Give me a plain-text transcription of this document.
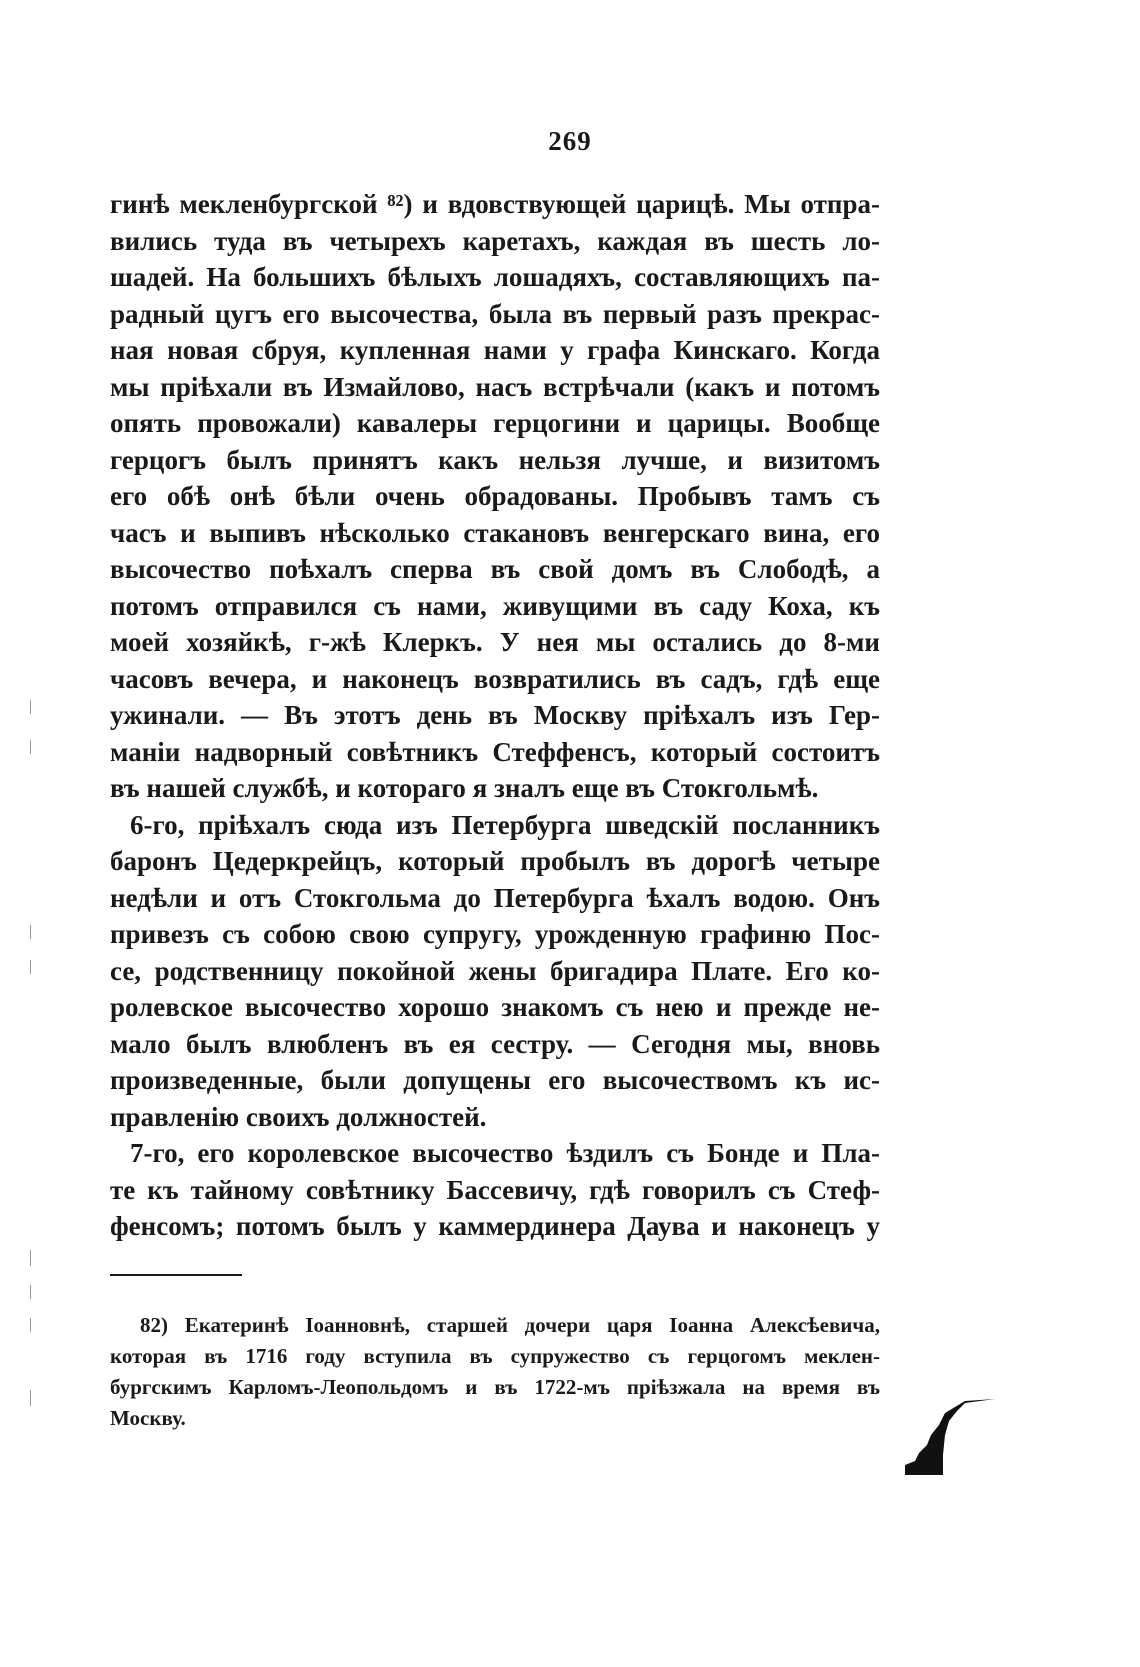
269
гинѣ мекленбургской ⁸²) и вдовствующей царицѣ. Мы отпра-
вились туда въ четырехъ каретахъ, каждая въ шесть ло-
шадей. На большихъ бѣлыхъ лошадяхъ, составляющихъ па-
радный цугъ его высочества, была въ первый разъ прекрас-
ная новая сбруя, купленная нами у графа Кинскаго. Когда
мы пріѣхали въ Измайлово, насъ встрѣчали (какъ и потомъ
опять провожали) кавалеры герцогини и царицы. Вообще
герцогъ былъ принятъ какъ нельзя лучше, и визитомъ
его обѣ онѣ бѣли очень обрадованы. Пробывъ тамъ съ
часъ и выпивъ нѣсколько стакановъ венгерскаго вина, его
высочество поѣхалъ сперва въ свой домъ въ Слободѣ, а
потомъ отправился съ нами, живущими въ саду Коха, къ
моей хозяйкѣ, г-жѣ Клеркъ. У нея мы остались до 8-ми
часовъ вечера, и наконецъ возвратились въ садъ, гдѣ еще
ужинали. — Въ этотъ день въ Москву пріѣхалъ изъ Гер-
маніи надворный совѣтникъ Стеффенсъ, который состоитъ
въ нашей службѣ, и котораго я зналъ еще въ Стокгольмѣ.
6-го, пріѣхалъ сюда изъ Петербурга шведскій посланникъ
баронъ Цедеркрейцъ, который пробылъ въ дорогѣ четыре
недѣли и отъ Стокгольма до Петербурга ѣхалъ водою. Онъ
привезъ съ собою свою супругу, урожденную графиню Пос-
се, родственницу покойной жены бригадира Плате. Его ко-
ролевское высочество хорошо знакомъ съ нею и прежде не-
мало былъ влюбленъ въ ея сестру. — Сегодня мы, вновь
произведенные, были допущены его высочествомъ къ ис-
правленію своихъ должностей.
7-го, его королевское высочество ѣздилъ съ Бонде и Пла-
те къ тайному совѣтнику Бассевичу, гдѣ говорилъ съ Стеф-
фенсомъ; потомъ былъ у каммердинера Даува и наконецъ у
82) Екатеринѣ Іоанновнѣ, старшей дочери царя Іоанна Алексѣевича,
которая въ 1716 году вступила въ супружество съ герцогомъ меклен-
бургскимъ Карломъ-Леопольдомъ и въ 1722-мъ пріѣзжала на время въ
Москву.
